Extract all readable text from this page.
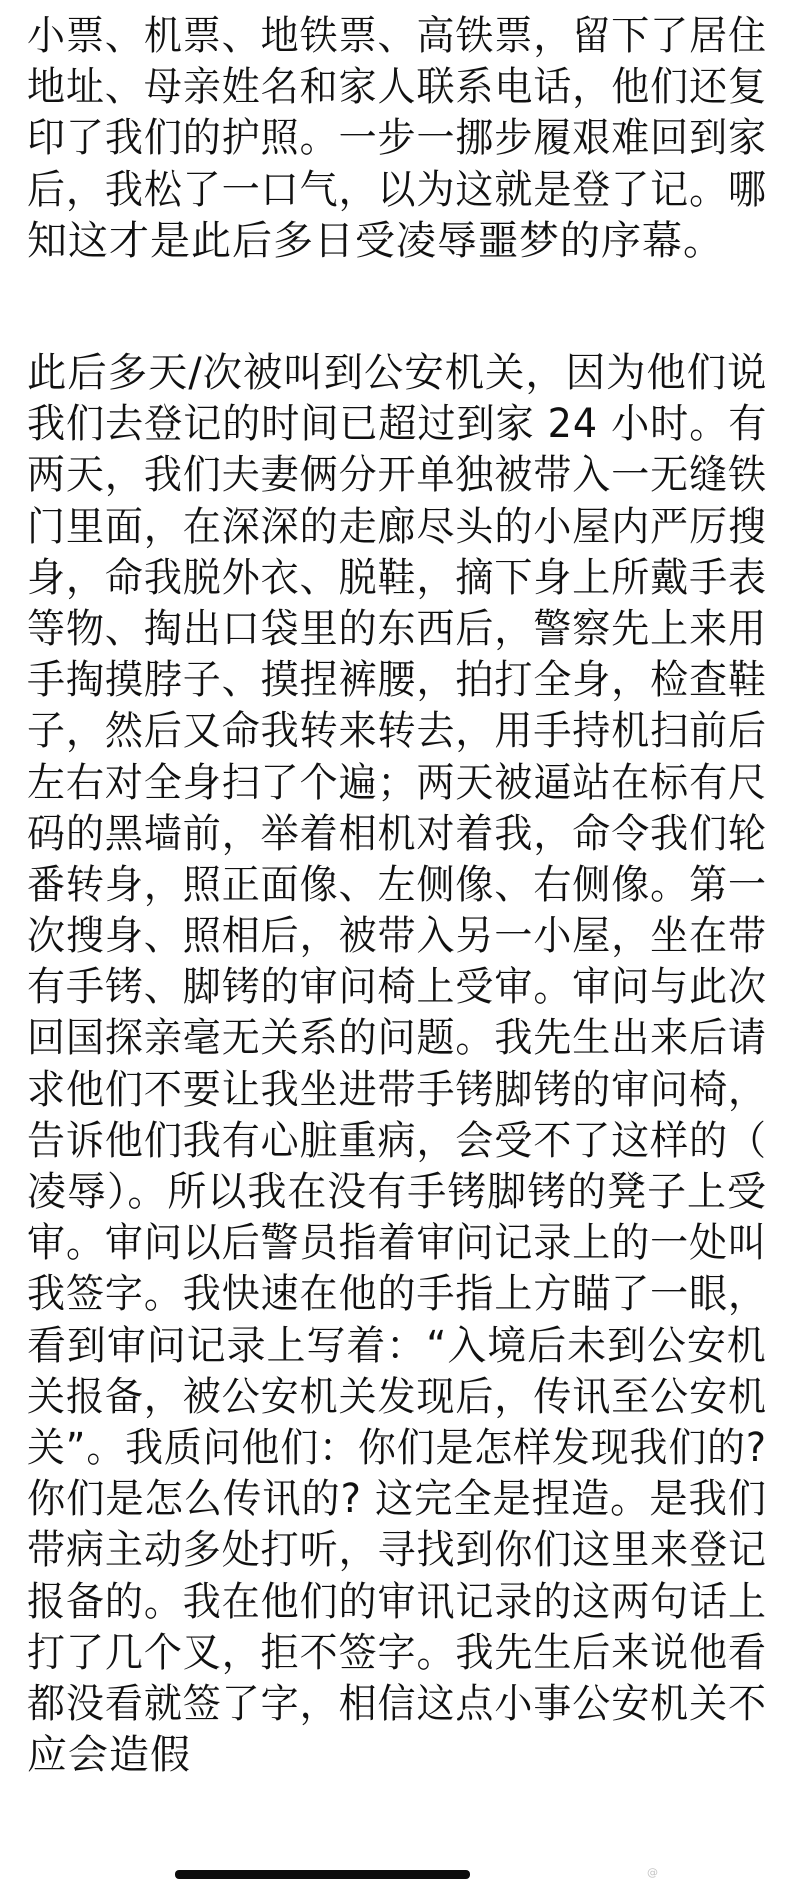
小票、机票、地铁票、高铁票，留下了居住
地址、母亲姓名和家人联系电话，他们还复
印了我们的护照。一步一挪步履艰难回到家
后，我松了一口气，以为这就是登了记。哪
知这才是此后多日受凌辱噩梦的序幕。
此后多天/次被叫到公安机关，因为他们说
我们去登记的时间已超过到家 24 小时。有
两天，我们夫妻俩分开单独被带入一无缝铁
门里面，在深深的走廊尽头的小屋内严厉搜
身，命我脱外衣、脱鞋，摘下身上所戴手表
等物、掏出口袋里的东西后，警察先上来用
手掏摸脖子、摸捏裤腰，拍打全身，检查鞋
子，然后又命我转来转去，用手持机扫前后
左右对全身扫了个遍；两天被逼站在标有尺
码的黑墙前，举着相机对着我，命令我们轮
番转身，照正面像、左侧像、右侧像。第一
次搜身、照相后，被带入另一小屋，坐在带
有手铐、脚铐的审问椅上受审。审问与此次
回国探亲毫无关系的问题。我先生出来后请
求他们不要让我坐进带手铐脚铐的审问椅，
告诉他们我有心脏重病，会受不了这样的（
凌辱）。所以我在没有手铐脚铐的凳子上受
审。审问以后警员指着审问记录上的一处叫
我签字。我快速在他的手指上方瞄了一眼，
看到审问记录上写着：“入境后未到公安机
关报备，被公安机关发现后，传讯至公安机
关”。我质问他们：你们是怎样发现我们的?
你们是怎么传讯的? 这完全是捏造。是我们
带病主动多处打听，寻找到你们这里来登记
报备的。我在他们的审讯记录的这两句话上
打了几个叉，拒不签字。我先生后来说他看
都没看就签了字，相信这点小事公安机关不
应会造假
@
